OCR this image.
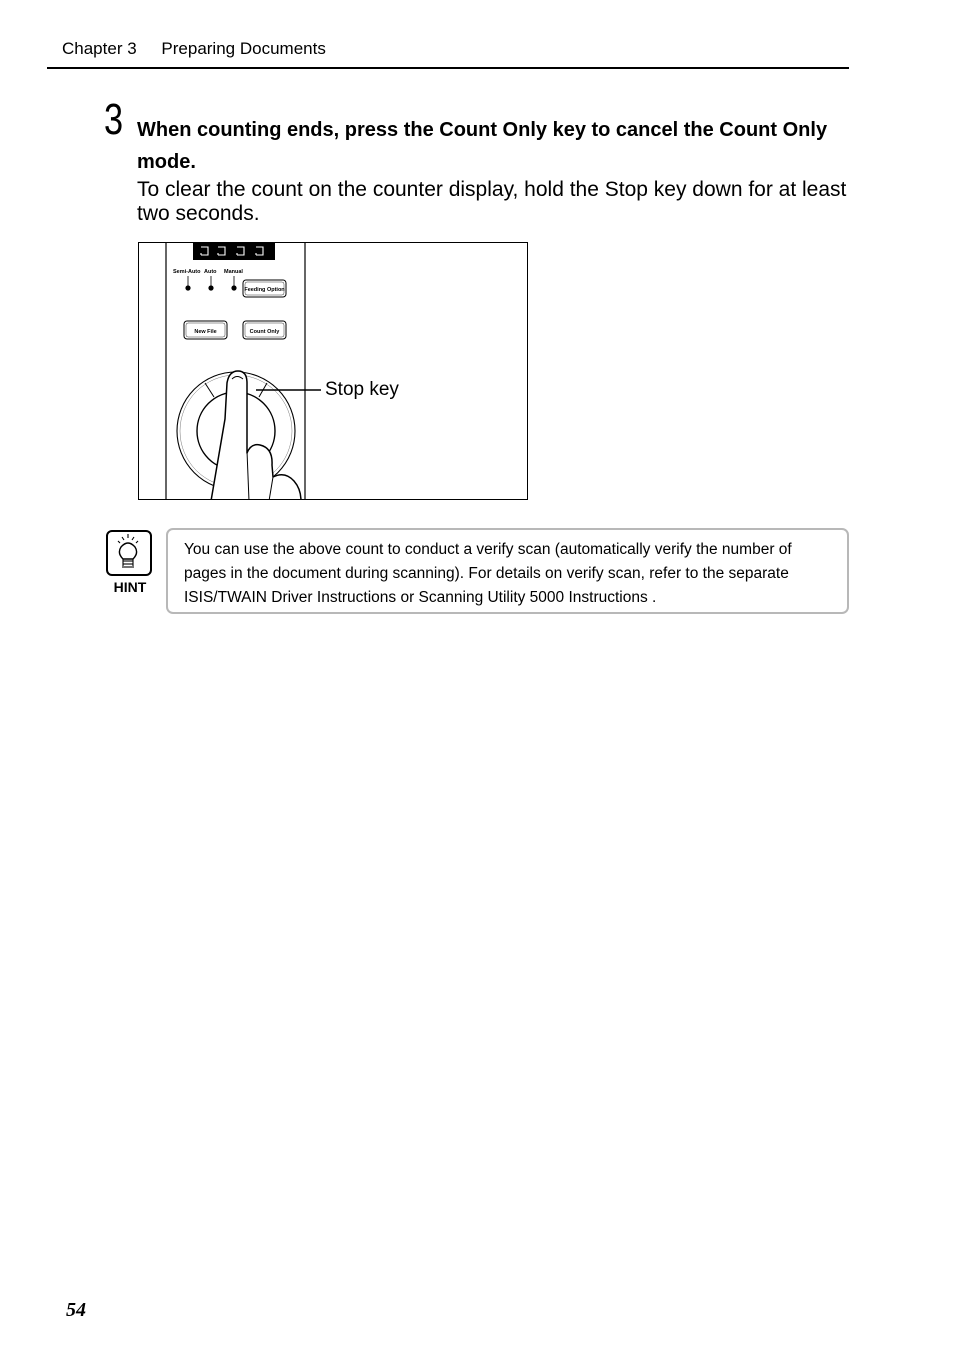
Chapter 3 Preparing Documents
3 When counting ends, press the Count Only key to cancel the Count Only mode.
To clear the count on the counter display, hold the Stop key down for at least two seconds.
Semi-Auto Auto Manual
Feeding Option
New File	Count Only
Stop key
HINT
You can use the above count to conduct a verify scan (automatically verify the number of pages in the document during scanning). For details on verify scan, refer to the separate ISIS/TWAIN Driver Instructions or Scanning Utility 5000 Instructions .
54
